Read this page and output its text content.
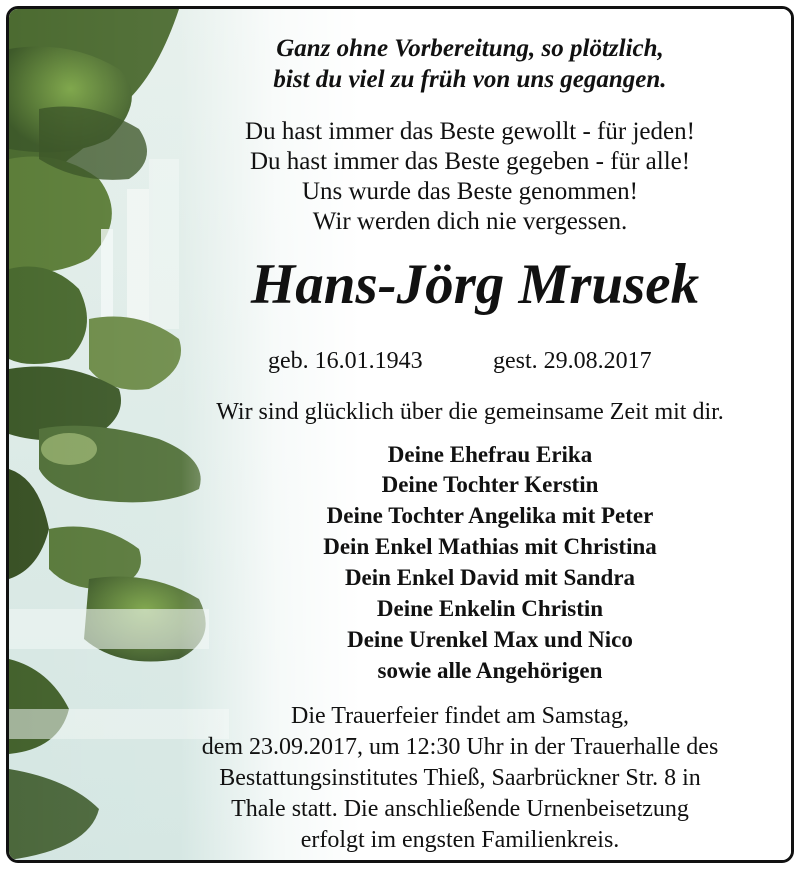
Ganz ohne Vorbereitung, so plötzlich,
bist du viel zu früh von uns gegangen.
Du hast immer das Beste gewollt - für jeden!
Du hast immer das Beste gegeben - für alle!
Uns wurde das Beste genommen!
Wir werden dich nie vergessen.
Hans-Jörg Mrusek
geb. 16.01.1943	gest. 29.08.2017
Wir sind glücklich über die gemeinsame Zeit mit dir.
Deine Ehefrau Erika
Deine Tochter Kerstin
Deine Tochter Angelika mit Peter
Dein Enkel Mathias mit Christina
Dein Enkel David mit Sandra
Deine Enkelin Christin
Deine Urenkel Max und Nico
sowie alle Angehörigen
Die Trauerfeier findet am Samstag,
dem 23.09.2017, um 12:30 Uhr in der Trauerhalle des
Bestattungsinstitutes Thieß, Saarbrückner Str. 8 in
Thale statt. Die anschließende Urnenbeisetzung
erfolgt im engsten Familienkreis.
